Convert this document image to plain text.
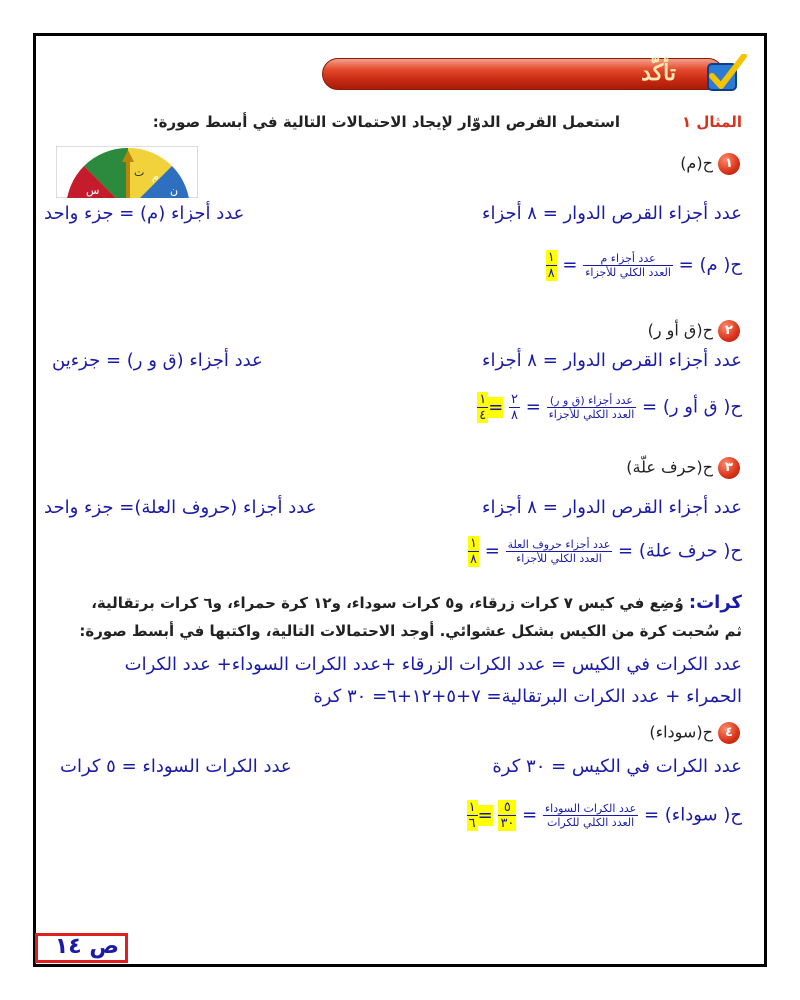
تأكّد
المثال ١
استعمل القرص الدوّار لإيجاد الاحتمالات التالية في أبسط صورة:
م
ت
ن
س
١ ح(م)
عدد أجزاء (م) = جزء واحد	عدد أجزاء القرص الدوار = ٨ أجزاء
ح( م) =
$\frac{\text{عدد أجزاء م}}{\text{العدد الكلي للأجزاء}}$
=
$\frac{١}{٨}$
٢ ح(ق أو ر)
عدد أجزاء (ق و ر) = جزءين	عدد أجزاء القرص الدوار = ٨ أجزاء
ح( ق أو ر) =
$\frac{\text{عدد أجزاء (ق و ر)}}{\text{العدد الكلي للأجزاء}}$
=
$\frac{٢}{٨}$
=
$\frac{١}{٤}$
٣ ح(حرف علّة)
عدد أجزاء (حروف العلة)= جزء واحد	عدد أجزاء القرص الدوار = ٨ أجزاء
ح( حرف علة) =
$\frac{\text{عدد أجزاء حروف العلة}}{\text{العدد الكلي للأجزاء}}$
=
$\frac{١}{٨}$
كرات: وُضِع في كيس ٧ كرات زرقاء، و٥ كرات سوداء، و١٢ كرة حمراء، و٦ كرات برتقالية،
ثم سُحبت كرة من الكيس بشكل عشوائي. أوجد الاحتمالات التالية، واكتبها في أبسط صورة:
عدد الكرات في الكيس = عدد الكرات الزرقاء +عدد الكرات السوداء+ عدد الكرات
الحمراء + عدد الكرات البرتقالية= ٧+٥+١٢+٦= ٣٠ كرة
٤ ح(سوداء)
عدد الكرات السوداء = ٥ كرات	عدد الكرات في الكيس = ٣٠ كرة
ح( سوداء) =
$\frac{\text{عدد الكرات السوداء}}{\text{العدد الكلي للكرات}}$
=
$\frac{٥}{٣٠}$
=
$\frac{١}{٦}$
ص ١٤
